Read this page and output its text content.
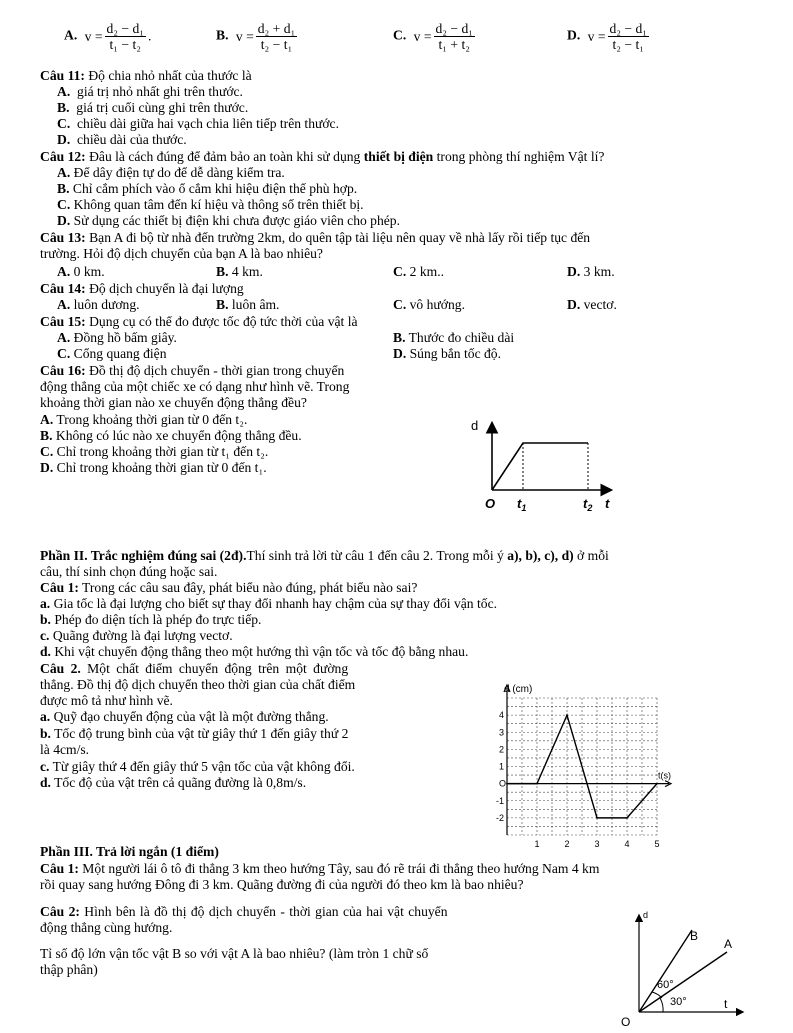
A. $v = \frac{\text{d₂ − d₁}}{\text{t₁ − t₂}}$ .	B. $v = \frac{\text{d₂ + d₁}}{\text{t₂ − t₁}}$	C. $v = \frac{\text{d₂ − d₁}}{\text{t₁ + t₂}}$	D. $v = \frac{\text{d₂ − d₁}}{\text{t₂ − t₁}}$
Câu 11: Độ chia nhỏ nhất của thước là
A. giá trị nhỏ nhất ghi trên thước.
B. giá trị cuối cùng ghi trên thước.
C. chiều dài giữa hai vạch chia liên tiếp trên thước.
D. chiều dài của thước.
Câu 12: Đâu là cách đúng để đảm bảo an toàn khi sử dụng thiết bị điện trong phòng thí nghiệm Vật lí?
A. Để dây điện tự do để dễ dàng kiểm tra.
B. Chỉ cắm phích vào ổ cắm khi hiệu điện thế phù hợp.
C. Không quan tâm đến kí hiệu và thông số trên thiết bị.
D. Sử dụng các thiết bị điện khi chưa được giáo viên cho phép.
Câu 13: Bạn A đi bộ từ nhà đến trường 2km, do quên tập tài liệu nên quay về nhà lấy rồi tiếp tục đến
trường. Hỏi độ dịch chuyển của bạn A là bao nhiêu?
A. 0 km.	B. 4 km.	C. 2 km..	D. 3 km.
Câu 14: Độ dịch chuyển là đại lượng
A. luôn dương.	B. luôn âm.	C. vô hướng.	D. vectơ.
Câu 15: Dụng cụ có thể đo được tốc độ tức thời của vật là
A. Đồng hồ bấm giây.	B. Thước đo chiều dài
C. Cổng quang điện	D. Súng bắn tốc độ.
Câu 16: Đồ thị độ dịch chuyển - thời gian trong chuyển
động thẳng của một chiếc xe có dạng như hình vẽ. Trong
khoảng thời gian nào xe chuyển động thẳng đều?
A. Trong khoảng thời gian từ 0 đến t₂.
B. Không có lúc nào xe chuyển động thẳng đều.
C. Chỉ trong khoảng thời gian từ t₁ đến t₂.
D. Chỉ trong khoảng thời gian từ 0 đến t₁.
d
O $t_1$	$t_2$ t
Phần II. Trắc nghiệm đúng sai (2đ).Thí sinh trả lời từ câu 1 đến câu 2. Trong mỗi ý a), b), c), d) ở mỗi
câu, thí sinh chọn đúng hoặc sai.
Câu 1: Trong các câu sau đây, phát biểu nào đúng, phát biểu nào sai?
a. Gia tốc là đại lượng cho biết sự thay đổi nhanh hay chậm của sự thay đổi vận tốc.
b. Phép đo diện tích là phép đo trực tiếp.
c. Quãng đường là đại lượng vectơ.
d. Khi vật chuyển động thẳng theo một hướng thì vận tốc và tốc độ bằng nhau.
Câu 2. Một chất điểm chuyển động trên một đường
thẳng. Đồ thị độ dịch chuyển theo thời gian của chất điểm
được mô tả như hình vẽ.
a. Quỹ đạo chuyển động của vật là một đường thẳng.
b. Tốc độ trung bình của vật từ giây thứ 1 đến giây thứ 2
là 4cm/s.
c. Từ giây thứ 4 đến giây thứ 5 vận tốc của vật không đổi.
d. Tốc độ của vật trên cả quãng đường là 0,8m/s.
d (cm)
t(s)
1	2	3	4	5
4
3
2
1
O
-1
-2
Phần III. Trả lời ngắn (1 điểm)
Câu 1: Một người lái ô tô đi thẳng 3 km theo hướng Tây, sau đó rẽ trái đi thẳng theo hướng Nam 4 km
rồi quay sang hướng Đông đi 3 km. Quãng đường đi của người đó theo km là bao nhiêu?
Câu 2: Hình bên là đồ thị độ dịch chuyển - thời gian của hai vật chuyển
động thẳng cùng hướng.
Tỉ số độ lớn vận tốc vật B so với vật A là bao nhiêu? (làm tròn 1 chữ số
thập phân)
d
B
A
60°
30°	t
O
